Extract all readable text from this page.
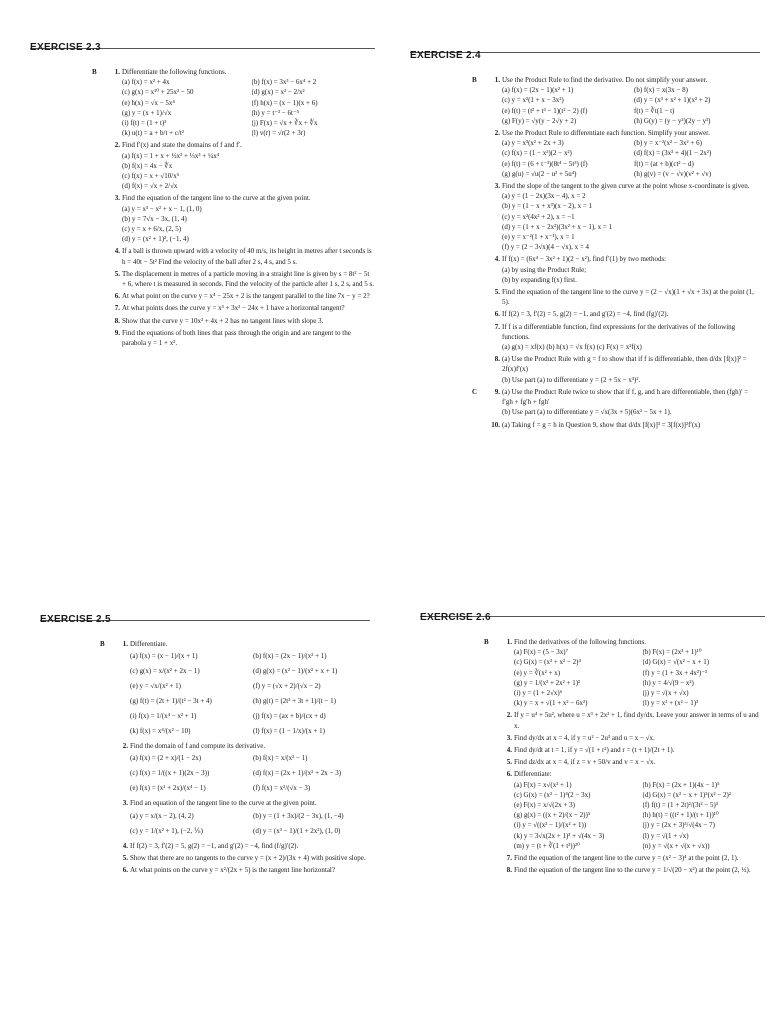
EXERCISE 2.3
B	1. Differentiate the following functions.
(a) f(x) = x² + 4x	(b) f(x) = 3x³ − 6x⁴ + 2
(c) g(x) = x¹⁰ + 25x² − 50	(d) g(x) = x² − 2/x²
(e) h(x) = √x − 5x⁴	(f) h(x) = (x − 1)(x + 6)
(g) y = (x + 1)/√x	(h) y = t⁻³ − 6t⁻⁵
(i) f(t) = (1 + t)³	(j) F(x) = √x + ∛x + ∜x
(k) u(t) = a + b/t + c/t²	(l) v(r) = √r(2 + 3r)
2. Find f′(x) and state the domains of f and f′.
(a) f(x) = 1 + x + ½x² + ⅓x³ + ¼x⁴
(b) f(x) = 4x − ∜x
(c) f(x) = x + √10/x⁵
(d) f(x) = √x + 2/√x
3. Find the equation of the tangent line to the curve at the given point.
(a) y = x³ − x² + x − 1, (1, 0)
(b) y = 7√x − 3x, (1, 4)
(c) y = x + 6/x, (2, 5)
(d) y = (x² + 1)², (−1, 4)
4. If a ball is thrown upward with a velocity of 40 m/s, its height in metres after t seconds is h = 40t − 5t² Find the velocity of the ball after 2 s, 4 s, and 5 s.
5. The displacement in metres of a particle moving in a straight line is given by s = 8t² − 5t + 6, where t is measured in seconds. Find the velocity of the particle after 1 s, 2 s, and 5 s.
6. At what point on the curve y = x⁴ − 25x + 2 is the tangent parallel to the line 7x − y = 2?
7. At what points does the curve y = x³ + 3x² − 24x + 1 have a horizontal tangent?
8. Show that the curve y = 10x³ + 4x + 2 has no tangent lines with slope 3.
9. Find the equations of both lines that pass through the origin and are tangent to the parabola y = 1 + x².
EXERCISE 2.4
B	1. Use the Product Rule to find the derivative. Do not simplify your answer.
(a) f(x) = (2x − 1)(x² + 1)	(b) f(x) = x(3x − 8)
(c) y = x²(1 + x − 3x²)	(d) y = (x³ + x² + 1)(x² + 2)
(e) f(t) = (t² + t³ − 1)(t² − 2) (f)	f(t) = ∛t(1 − t)
(g) F(y) = √y(y − 2√y + 2)	(h) G(y) = (y − y²)(2y − y³)
2. Use the Product Rule to differentiate each function. Simplify your answer.
(a) y = x³(x² + 2x + 3)	(b) y = x⁻²(x² − 3x² + 6)
(c) f(x) = (1 − x²)(2 − x²)	(d) f(x) = (3x³ + 4)(1 − 2x²)
(e) f(t) = (6 + t⁻³)(8t⁴ − 5t³) (f)	f(t) = (at + b)(ct² − d)
(g) g(u) = √u(2 − u² + 5u⁴)	(h) g(v) = (v − √v)(v² + √v)
3. Find the slope of the tangent to the given curve at the point whose x-coordinate is given.
(a) y = (1 − 2x)(3x − 4), x = 2
(b) y = (1 − x + x³)(x − 2), x = 1
(c) y = x²(4x² + 2), x = −1
(d) y = (1 + x − 2x²)(3x² + x − 1), x = 1
(e) y = x⁻²(1 + x⁻¹), x = 1
(f) y = (2 − 3√x)(4 − √x), x = 4
4. If f(x) = (6x⁴ − 3x² + 1)(2 − x²), find f′(1) by two methods:
(a) by using the Product Rule;
(b) by expanding f(x) first.
5. Find the equation of the tangent line to the curve y = (2 − √x)(1 + √x + 3x) at the point (1, 5).
6. If f(2) = 3, f′(2) = 5, g(2) = −1, and g′(2) = −4, find (fg)′(2).
7. If f is a differentiable function, find expressions for the derivatives of the following functions.
(a) g(x) = xf(x) (b) h(x) = √x f(x) (c) F(x) = x²f(x)
8. (a) Use the Product Rule with g = f to show that if f is differentiable, then d/dx [f(x)]² = 2f(x)f′(x)
(b) Use part (a) to differentiate y = (2 + 5x − x³)².
C	9. (a) Use the Product Rule twice to show that if f, g, and h are differentiable, then (fgh)′ = f′gh + fg′h + fgh′
(b) Use part (a) to differentiate y = √x(3x + 5)(6x² − 5x + 1).
10. (a) Taking f = g = h in Question 9, show that d/dx [f(x)]³ = 3[f(x)]²f′(x)
EXERCISE 2.5
B	1. Differentiate.
(a) f(x) = (x − 1)/(x + 1)	(b) f(x) = (2x − 1)/(x² + 1)
(c) g(x) = x/(x² + 2x − 1)	(d) g(x) = (x² − 1)/(x² + x + 1)
(e) y = √x/(x² + 1)	(f) y = (√x + 2)/(√x − 2)
(g) f(t) = (2t + 1)/(t² − 3t + 4)	(h) g(t) = (2t³ + 3t + 1)/(t − 1)
(i) f(x) = 1/(x⁴ − x² + 1)	(j) f(x) = (ax + b)/(cx + d)
(k) f(x) = x⁴/(x² − 10)	(l) f(x) = (1 − 1/x)/(x + 1)
2. Find the domain of f and compute its derivative.
(a) f(x) = (2 + x)/(1 − 2x)	(b) f(x) = x/(x² − 1)
(c) f(x) = 1/((x + 1)(2x − 3))	(d) f(x) = (2x + 1)/(x² + 2x − 3)
(e) f(x) = (x² + 2x)/(x⁴ − 1)	(f) f(x) = x²/(√x − 3)
3. Find an equation of the tangent line to the curve at the given point.
(a) y = x/(x − 2), (4, 2)	(b) y = (1 + 3x)/(2 − 3x), (1, −4)
(c) y = 1/(x² + 1), (−2, ⅕)	(d) y = (x³ − 1)/(1 + 2x²), (1, 0)
4. If f(2) = 3, f′(2) = 5, g(2) = −1, and g′(2) = −4, find (f/g)′(2).
5. Show that there are no tangents to the curve y = (x + 2)/(3x + 4) with positive slope.
6. At what points on the curve y = x²/(2x + 5) is the tangent line horizontal?
EXERCISE 2.6
B	1. Find the derivatives of the following functions.
(a) F(x) = (5 − 3x)⁷	(b) F(x) = (2x³ + 1)¹⁰
(c) G(x) = (x³ + x² − 2)⁴	(d) G(x) = √(x² − x + 1)
(e) y = ∛(x² + x)	(f) y = (1 + 3x + 4x²)⁻³
(g) y = 1/(x³ + 2x² + 1)²	(h) y = 4/√(9 − x²)
(i) y = (1 + 2√x)⁶	(j) y = √(x + √x)
(k) y = x + √(1 + x² − 6x²)	(l) y = x² + (x² − 1)³
2. If y = u⁴ + 5u², where u = x³ + 2x² + 1, find dy/dx. Leave your answer in terms of u and x.
3. Find dy/dx at x = 4, if y = u² − 2u³ and u = x − √x.
4. Find dy/dt at t = 1, if y = √(1 + r²) and r = (t + 1)/(2t + 1).
5. Find dz/dx at x = 4, if z = v + 50/v and v = x − √x.
6. Differentiate:
(a) F(x) = x√(x² + 1)	(b) F(x) = (2x + 1)(4x − 1)⁵
(c) G(x) = (x² − 1)⁴(2 − 3x)	(d) G(x) = (x³ − x + 1)⁵(x² − 2)²
(e) F(x) = x/√(2x + 3)	(f) f(t) = (1 + 2t)²/(3t² − 5)³
(g) g(x) = ((x + 2)/(x − 2))⁵	(h) h(t) = ((t² + 1)/(t + 1))¹⁰
(i) y = √((x² − 1)/(x² + 1))	(j) y = (2x + 3)³/√(4x − 7)
(k) y = 3√x(2x + 1)³ + √(4x − 3)	(l) y = √(1 + √x)
(m) y = (t + ∛(1 + t³))²⁰	(n) y = √(x + √(x + √x))
7. Find the equation of the tangent line to the curve y = (x² − 3)⁴ at the point (2, 1).
8. Find the equation of the tangent line to the curve y = 1/√(20 − x²) at the point (2, ½).
